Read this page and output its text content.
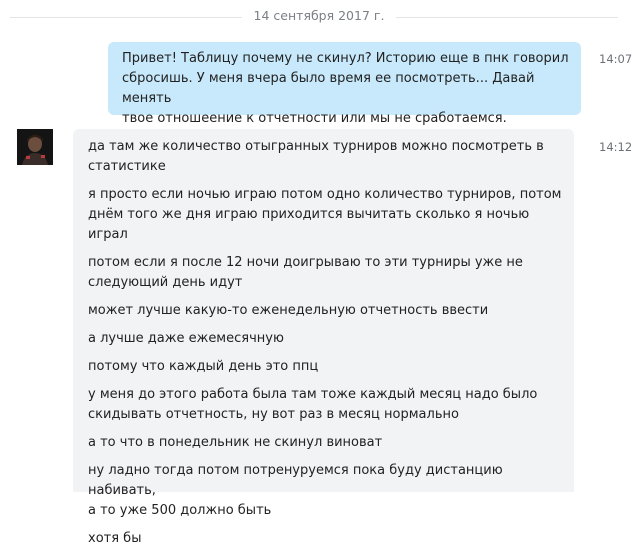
14 сентября 2017 г.
Привет! Таблицу почему не скинул? Историю еще в пнк говорил
сбросишь. У меня вчера было время ее посмотреть... Давай менять
твое отношеение к отчетности или мы не сработаемся.
14:07
да там же количество отыгранных турниров можно посмотреть в
статистике
я просто если ночью играю потом одно количество турниров, потом
днём того же дня играю приходится вычитать сколько я ночью играл
потом если я после 12 ночи доигрываю то эти турниры уже не
следующий день идут
может лучше какую-то еженедельную отчетность ввести
а лучше даже ежемесячную
потому что каждый день это ппц
у меня до этого работа была там тоже каждый месяц надо было
скидывать отчетность, ну вот раз в месяц нормально
а то что в понедельник не скинул виноват
ну ладно тогда потом потренуруемся пока буду дистанцию набивать,
а то уже 500 должно быть
хотя бы
14:12
